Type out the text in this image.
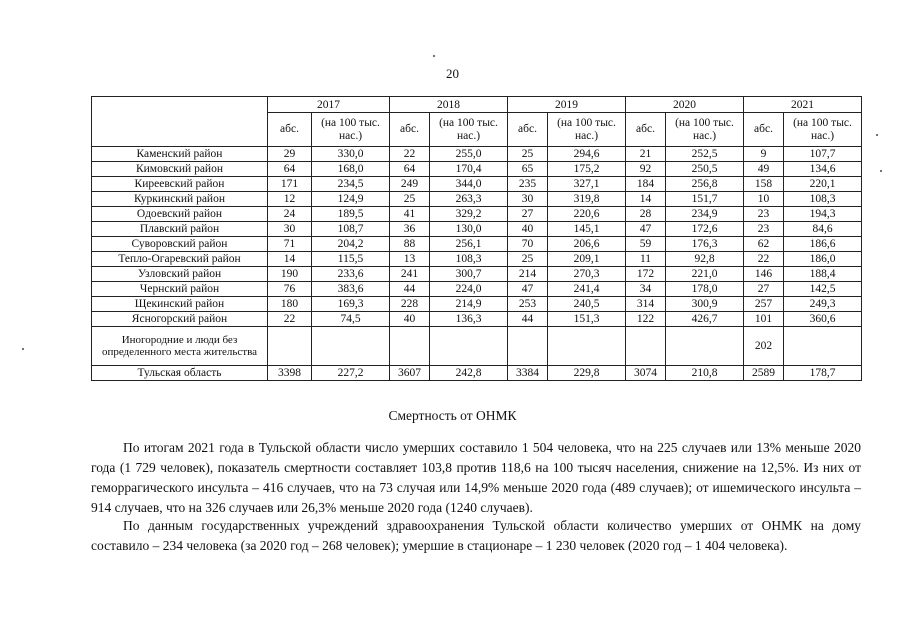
20
	2017		2018		2019		2020		2021	
	абс.	(на 100 тыс. нас.)	абс.	(на 100 тыс. нас.)	абс.	(на 100 тыс. нас.)	абс.	(на 100 тыс. нас.)	абс.	(на 100 тыс. нас.)
Каменский район	29	330,0	22	255,0	25	294,6	21	252,5	9	107,7
Кимовский район	64	168,0	64	170,4	65	175,2	92	250,5	49	134,6
Киреевский район	171	234,5	249	344,0	235	327,1	184	256,8	158	220,1
Куркинский район	12	124,9	25	263,3	30	319,8	14	151,7	10	108,3
Одоевский район	24	189,5	41	329,2	27	220,6	28	234,9	23	194,3
Плавский район	30	108,7	36	130,0	40	145,1	47	172,6	23	84,6
Суворовский район	71	204,2	88	256,1	70	206,6	59	176,3	62	186,6
Тепло-Огаревский район	14	115,5	13	108,3	25	209,1	11	92,8	22	186,0
Узловский район	190	233,6	241	300,7	214	270,3	172	221,0	146	188,4
Чернский район	76	383,6	44	224,0	47	241,4	34	178,0	27	142,5
Щекинский район	180	169,3	228	214,9	253	240,5	314	300,9	257	249,3
Ясногорский район	22	74,5	40	136,3	44	151,3	122	426,7	101	360,6
Иногородние и люди без определенного места жительства									202	
Тульская область	3398	227,2	3607	242,8	3384	229,8	3074	210,8	2589	178,7
Смертность от ОНМК

По итогам 2021 года в Тульской области число умерших составило 1 504 человека, что на 225 случаев или 13% меньше 2020 года (1 729 человек), показатель смертности составляет 103,8 против 118,6 на 100 тысяч населения, снижение на 12,5%. Из них от геморрагического инсульта – 416 случаев, что на 73 случая или 14,9% меньше 2020 года (489 случаев); от ишемического инсульта – 914 случаев, что на 326 случаев или 26,3% меньше 2020 года (1240 случаев).

По данным государственных учреждений здравоохранения Тульской области количество умерших от ОНМК на дому составило – 234 человека (за 2020 год – 268 человек); умершие в стационаре – 1 230 человек (2020 год – 1 404 человека).
